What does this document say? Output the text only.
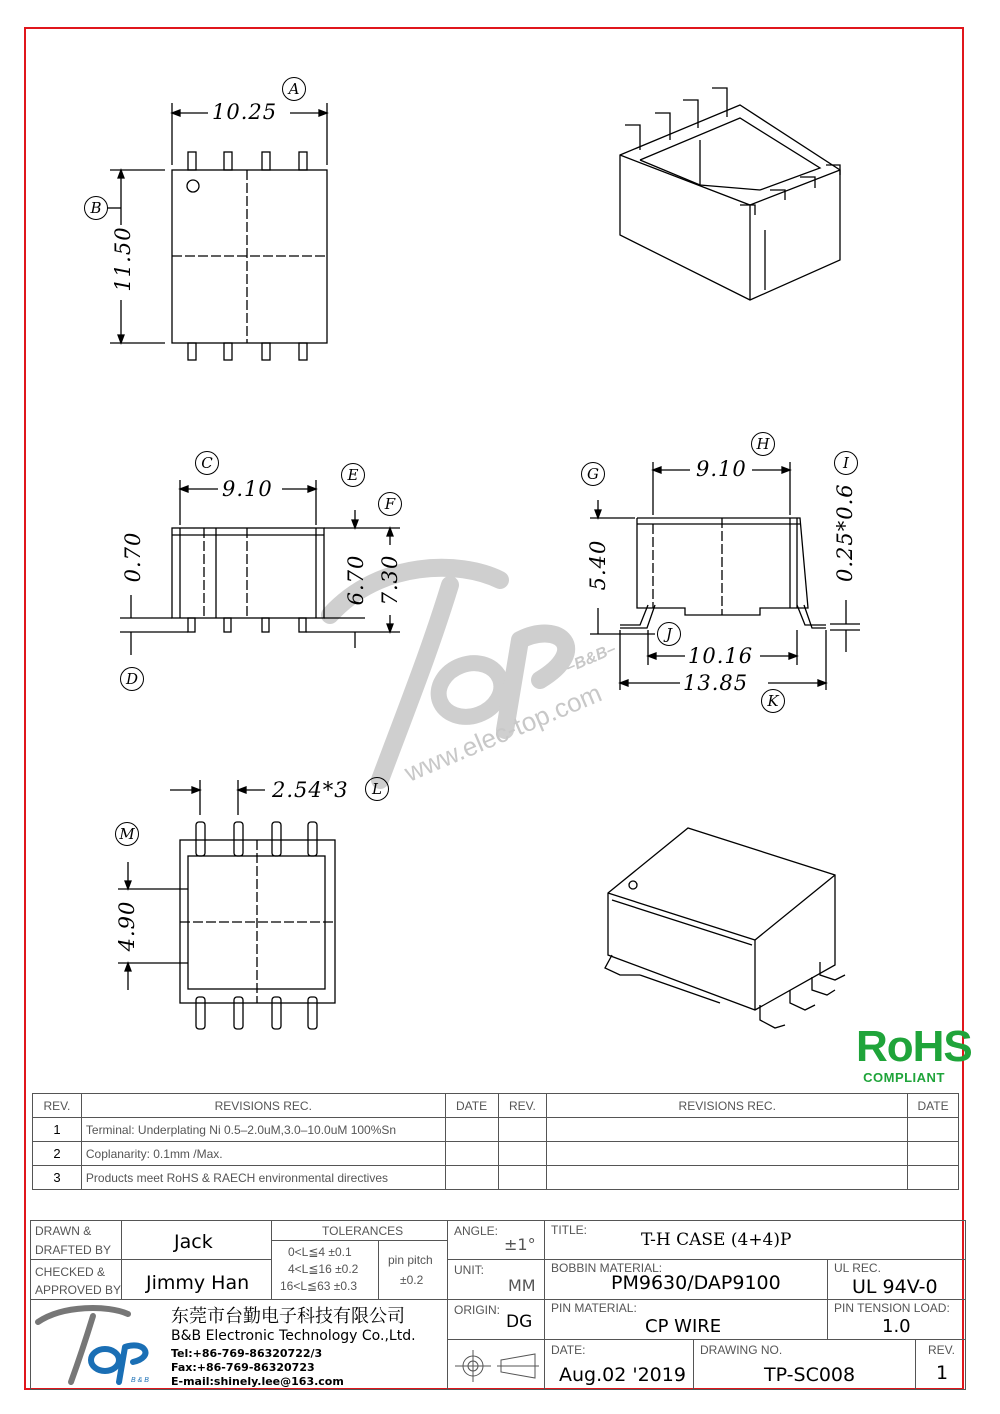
www.elec-top.com
–B&B–
10.25
11.50
9.10
0.70	6.70 7.30
9.10
5.40	0.25*0.6
10.16
13.85
2.54*3
4.90
A
B
C
D
E
F
G
H
I
J
K
L
M
RoHS
COMPLIANT
REV.	REVISIONS REC.	DATE	REV.	REVISIONS REC.	DATE
1	Terminal: Underplating Ni 0.5–2.0uM,3.0–10.0uM 100%Sn				
2	Coplanarity: 0.1mm /Max.				
3	Products meet RoHS & RAECH environmental directives				
DRAWN &
DRAFTED BY	Jack	TOLERANCES
0<L≦4 ±0.1
4<L≦16 ±0.2
16<L≦63 ±0.3
pin pitch
±0.2
ANGLE:
±1°
TITLE:	T-H CASE (4+4)P
CHECKED &
APPROVED BY Jimmy Han
UNIT:
MM
BOBBIN MATERIAL:
PM9630/DAP9100
UL REC.
UL 94V-0
B & B
东莞市台勤电子科技有限公司
B&B Electronic Technology Co.,Ltd.
Tel:+86-769-86320722/3
Fax:+86-769-86320723
E-mail:shinely.lee@163.com
ORIGIN:
DG
PIN MATERIAL:
CP WIRE
PIN TENSION LOAD:
1.0
DATE:
Aug.02 '2019
DRAWING NO.
TP-SC008
REV.
1
